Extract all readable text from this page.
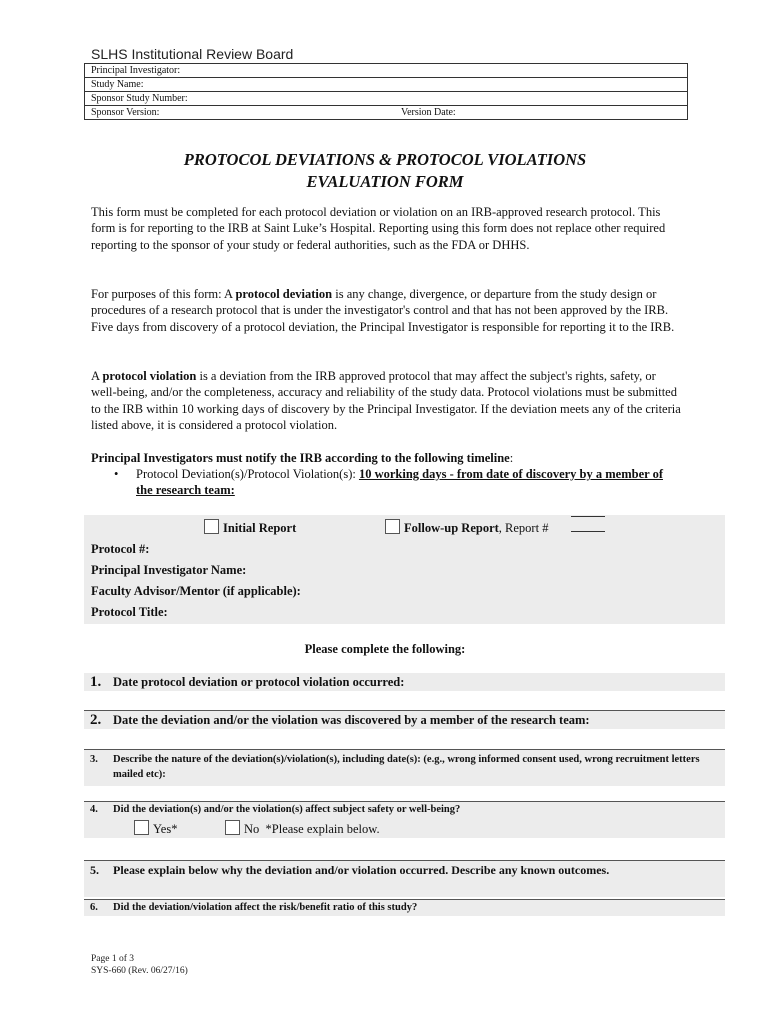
SLHS Institutional Review Board
Principal Investigator:
Study Name:
Sponsor Study Number:
Sponsor Version:	Version Date:
PROTOCOL DEVIATIONS & PROTOCOL VIOLATIONS
EVALUATION FORM
This form must be completed for each protocol deviation or violation on an IRB-approved research protocol. This form is for reporting to the IRB at Saint Luke’s Hospital. Reporting using this form does not replace other required reporting to the sponsor of your study or federal authorities, such as the FDA or DHHS.
For purposes of this form: A protocol deviation is any change, divergence, or departure from the study design or procedures of a research protocol that is under the investigator's control and that has not been approved by the IRB. Five days from discovery of a protocol deviation, the Principal Investigator is responsible for reporting it to the IRB.
A protocol violation is a deviation from the IRB approved protocol that may affect the subject's rights, safety, or well-being, and/or the completeness, accuracy and reliability of the study data. Protocol violations must be submitted to the IRB within 10 working days of discovery by the Principal Investigator. If the deviation meets any of the criteria listed above, it is considered a protocol violation.
Principal Investigators must notify the IRB according to the following timeline:
• Protocol Deviation(s)/Protocol Violation(s): 10 working days - from date of discovery by a member of the research team:
Initial Report	Follow-up Report, Report #
Protocol #:
Principal Investigator Name:
Faculty Advisor/Mentor (if applicable):
Protocol Title:
Please complete the following:
1. Date protocol deviation or protocol violation occurred:
2. Date the deviation and/or the violation was discovered by a member of the research team:
3. Describe the nature of the deviation(s)/violation(s), including date(s): (e.g., wrong informed consent used, wrong recruitment letters mailed etc):
4. Did the deviation(s) and/or the violation(s) affect subject safety or well-being?
Yes*	No *Please explain below.
5. Please explain below why the deviation and/or violation occurred. Describe any known outcomes.
6. Did the deviation/violation affect the risk/benefit ratio of this study?
Page 1 of 3
SYS-660 (Rev. 06/27/16)
